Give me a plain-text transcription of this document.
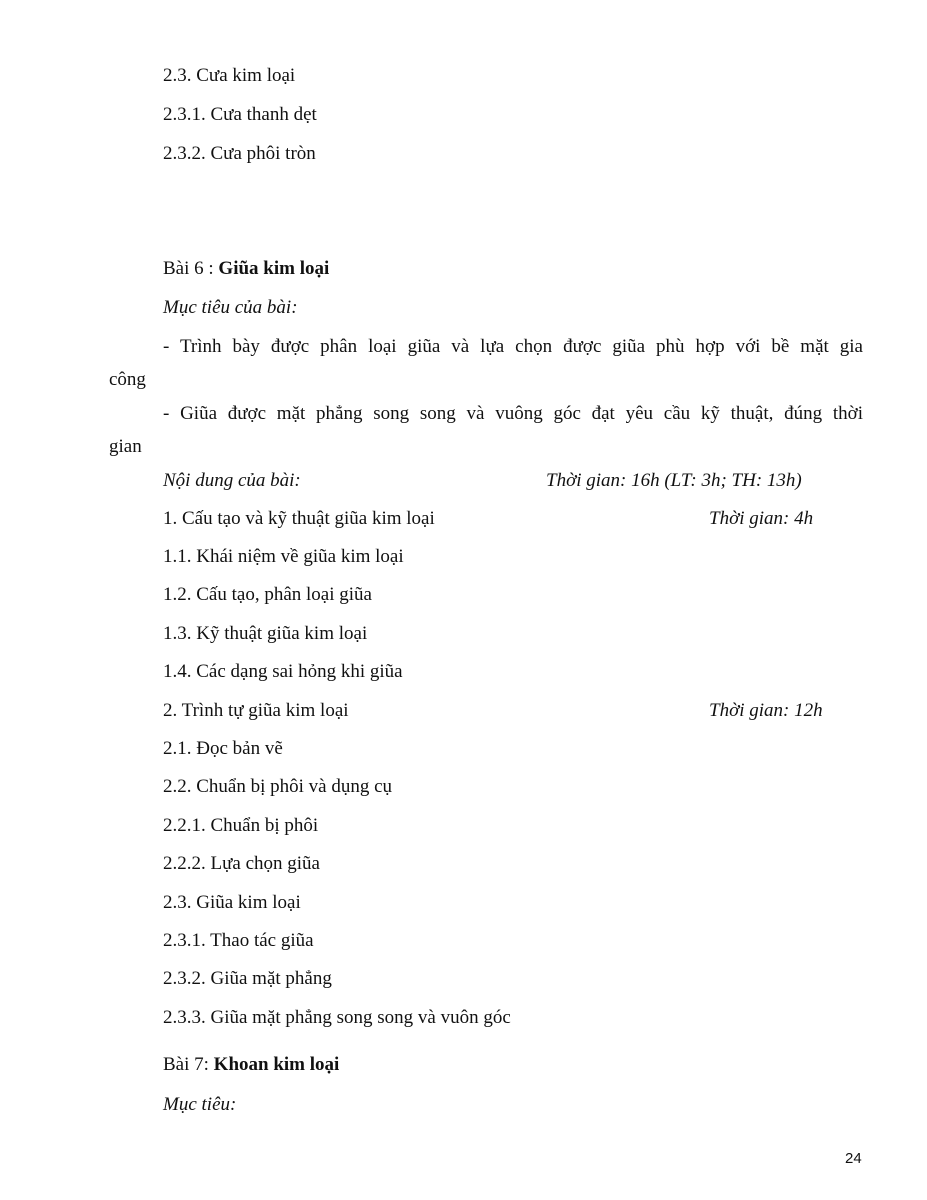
2.3. Cưa kim loại
2.3.1. Cưa thanh dẹt
2.3.2. Cưa phôi tròn
Bài 6 : Giũa kim loại
Mục tiêu của bài:
- Trình bày được phân loại giũa và lựa chọn được giũa phù hợp với bề mặt gia
công
- Giũa được mặt phẳng song song và vuông góc đạt yêu cầu kỹ thuật, đúng thời
gian
Nội dung của bài:	Thời gian: 16h (LT: 3h; TH: 13h)
1. Cấu tạo và kỹ thuật giũa kim loại	Thời gian: 4h
1.1. Khái niệm về giũa kim loại
1.2. Cấu tạo, phân loại giũa
1.3. Kỹ thuật giũa kim loại
1.4. Các dạng sai hỏng khi giũa
2. Trình tự giũa kim loại	Thời gian: 12h
2.1. Đọc bản vẽ
2.2. Chuẩn bị phôi và dụng cụ
2.2.1. Chuẩn bị phôi
2.2.2. Lựa chọn giũa
2.3. Giũa kim loại
2.3.1. Thao tác giũa
2.3.2. Giũa mặt phẳng
2.3.3. Giũa mặt phẳng song song và vuôn góc
Bài 7: Khoan kim loại
Mục tiêu:
24
